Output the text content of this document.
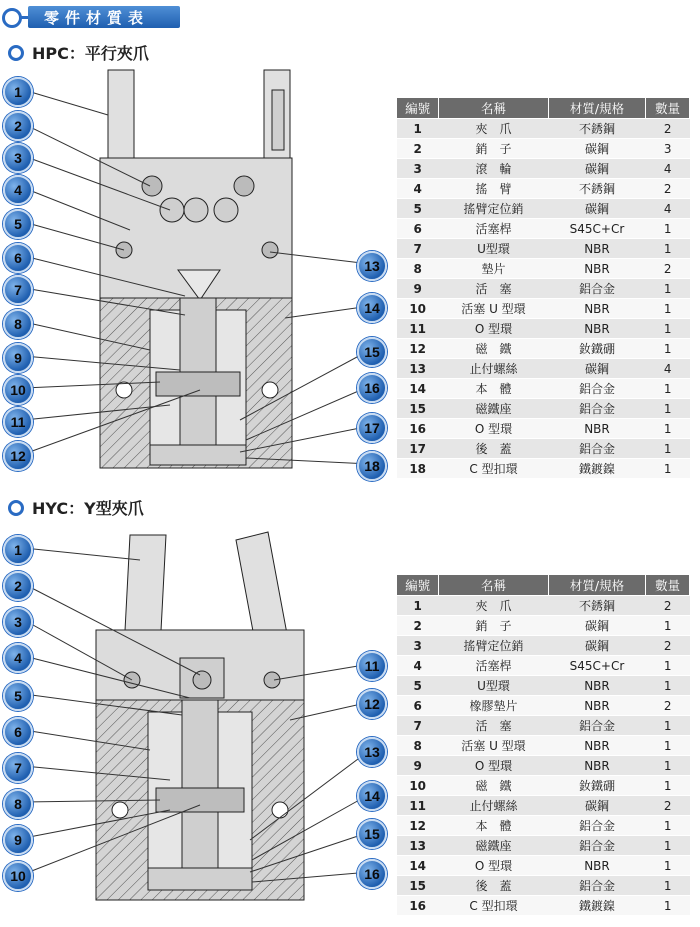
零件材質表
HPC：平行夾爪
1
2
3
4
5
6
7
8
9
10
11
12
13
14
15
16
17
18
編號	名稱	材質/規格	數量
1	夾　爪	不銹鋼	2
2	銷　子	碳鋼	3
3	滾　輪	碳鋼	4
4	搖　臂	不銹鋼	2
5	搖臂定位銷	碳鋼	4
6	活塞桿	S45C+Cr	1
7	U型環	NBR	1
8	墊片	NBR	2
9	活　塞	鋁合金	1
10	活塞 U 型環	NBR	1
11	O 型環	NBR	1
12	磁　鐵	釹鐵硼	1
13	止付螺絲	碳鋼	4
14	本　體	鋁合金	1
15	磁鐵座	鋁合金	1
16	O 型環	NBR	1
17	後　蓋	鋁合金	1
18	C 型扣環	鐵鍍鎳	1
HYC：Y型夾爪
1
2
3
4
5
6
7
8
9
10
11
12
13
14
15
16
編號	名稱	材質/規格	數量
1	夾　爪	不銹鋼	2
2	銷　子	碳鋼	1
3	搖臂定位銷	碳鋼	2
4	活塞桿	S45C+Cr	1
5	U型環	NBR	1
6	橡膠墊片	NBR	2
7	活　塞	鋁合金	1
8	活塞 U 型環	NBR	1
9	O 型環	NBR	1
10	磁　鐵	釹鐵硼	1
11	止付螺絲	碳鋼	2
12	本　體	鋁合金	1
13	磁鐵座	鋁合金	1
14	O 型環	NBR	1
15	後　蓋	鋁合金	1
16	C 型扣環	鐵鍍鎳	1
